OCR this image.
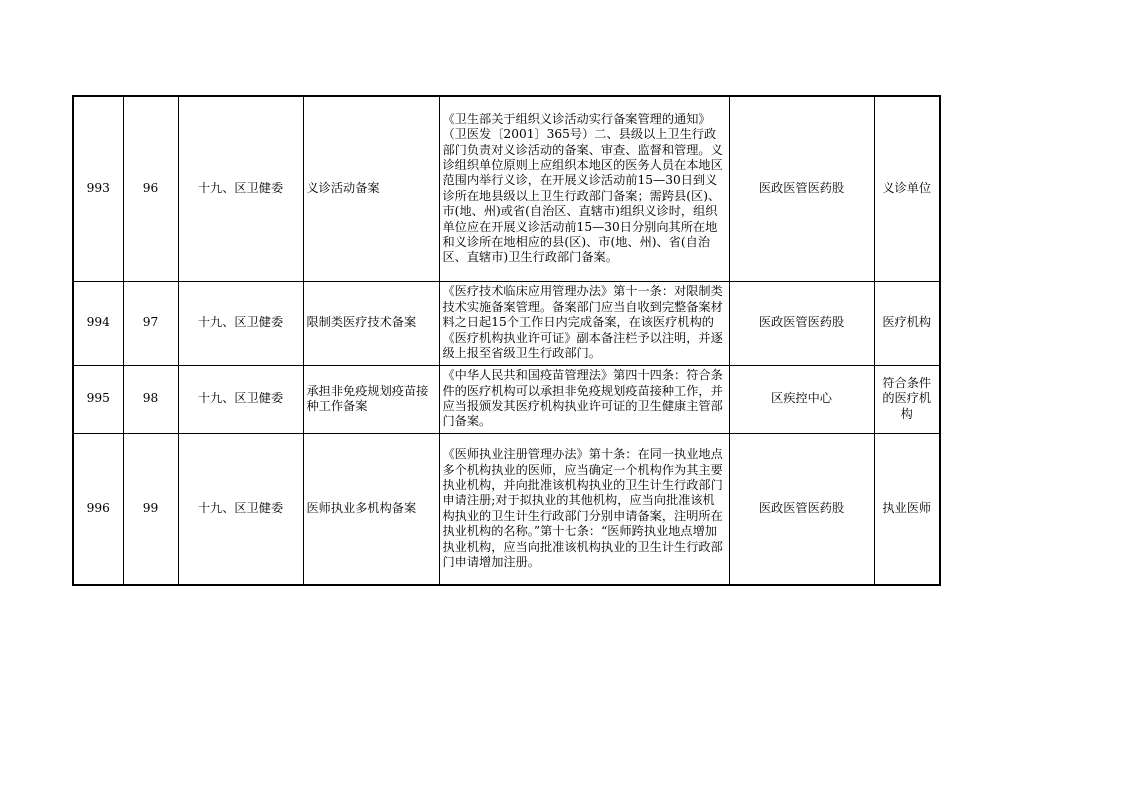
993	96	十九、区卫健委	义诊活动备案	《卫生部关于组织义诊活动实行备案管理的通知》（卫医发〔2001〕365号）二、县级以上卫生行政部门负责对义诊活动的备案、审查、监督和管理。义诊组织单位原则上应组织本地区的医务人员在本地区范围内举行义诊，在开展义诊活动前15—30日到义诊所在地县级以上卫生行政部门备案；需跨县(区)、市(地、州)或省(自治区、直辖市)组织义诊时，组织单位应在开展义诊活动前15—30日分别向其所在地和义诊所在地相应的县(区)、市(地、州)、省(自治区、直辖市)卫生行政部门备案。	医政医管医药股	义诊单位
994	97	十九、区卫健委	限制类医疗技术备案	《医疗技术临床应用管理办法》第十一条：对限制类技术实施备案管理。备案部门应当自收到完整备案材料之日起15个工作日内完成备案，在该医疗机构的《医疗机构执业许可证》副本备注栏予以注明，并逐级上报至省级卫生行政部门。	医政医管医药股	医疗机构
995	98	十九、区卫健委	承担非免疫规划疫苗接种工作备案	《中华人民共和国疫苗管理法》第四十四条：符合条件的医疗机构可以承担非免疫规划疫苗接种工作，并应当报颁发其医疗机构执业许可证的卫生健康主管部门备案。	区疾控中心	符合条件的医疗机构
996	99	十九、区卫健委	医师执业多机构备案	《医师执业注册管理办法》第十条：在同一执业地点多个机构执业的医师，应当确定一个机构作为其主要执业机构，并向批准该机构执业的卫生计生行政部门申请注册;对于拟执业的其他机构，应当向批准该机构执业的卫生计生行政部门分别申请备案，注明所在执业机构的名称。”第十七条：“医师跨执业地点增加执业机构，应当向批准该机构执业的卫生计生行政部门申请增加注册。	医政医管医药股	执业医师
